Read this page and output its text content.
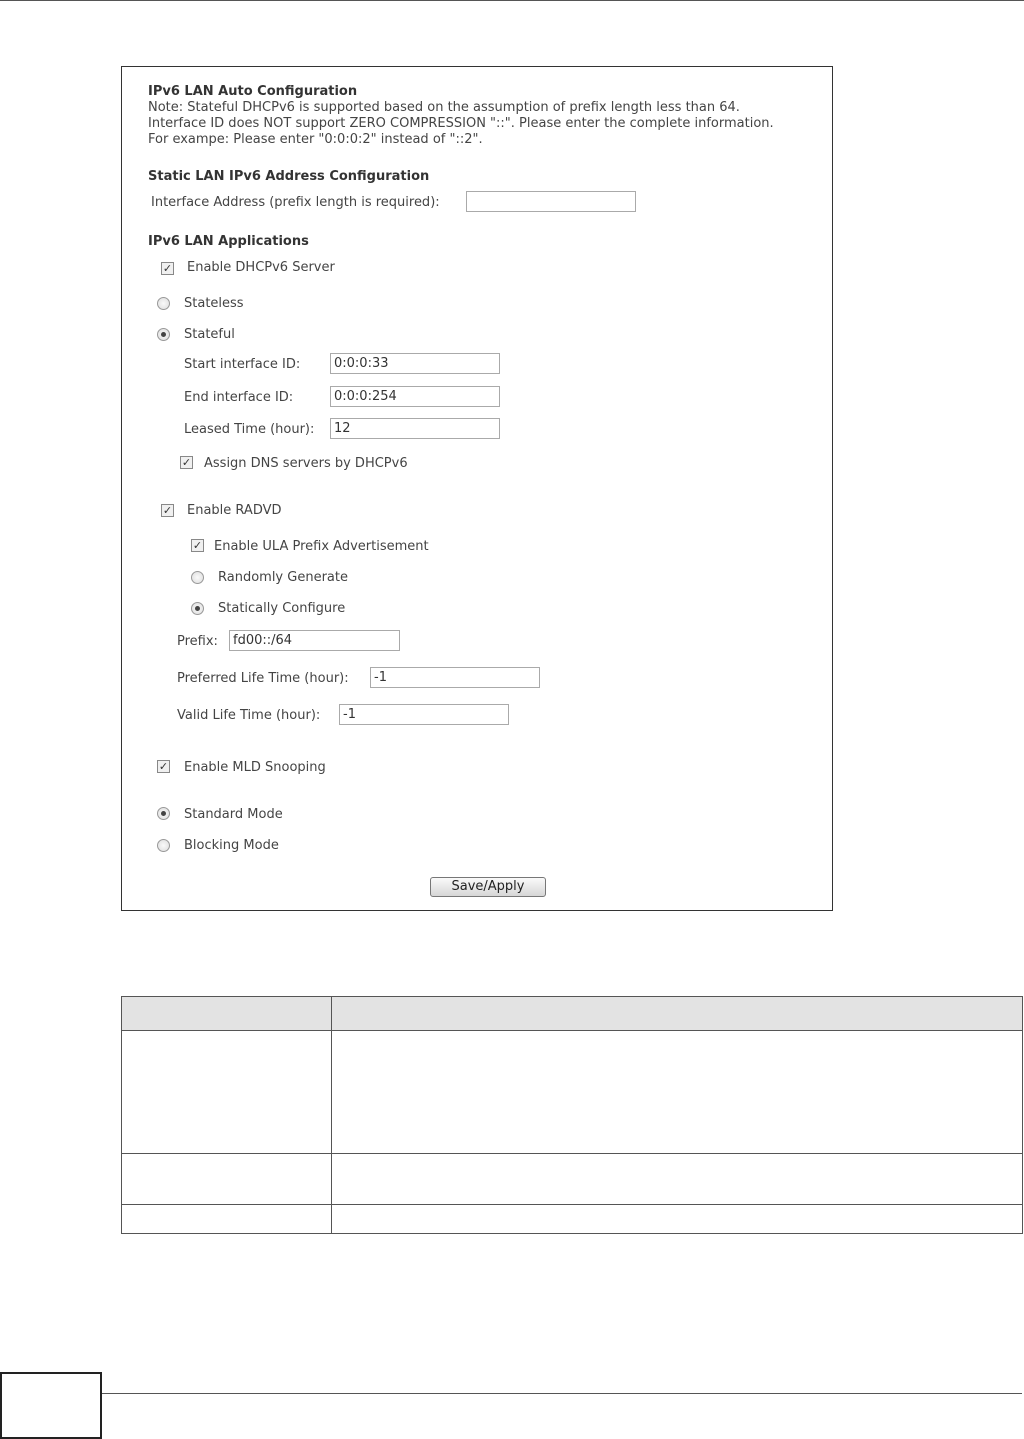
IPv6 LAN Auto Configuration
Note: Stateful DHCPv6 is supported based on the assumption of prefix length less than 64.
Interface ID does NOT support ZERO COMPRESSION "::". Please enter the complete information.
For exampe: Please enter "0:0:0:2" instead of "::2".
Static LAN IPv6 Address Configuration
Interface Address (prefix length is required):
IPv6 LAN Applications
✓ Enable DHCPv6 Server
Stateless
Stateful
Start interface ID:
0:0:0:33
End interface ID:
0:0:0:254
Leased Time (hour):
12
✓ Assign DNS servers by DHCPv6
✓ Enable RADVD
✓ Enable ULA Prefix Advertisement
Randomly Generate
Statically Configure
Prefix:
fd00::/64
Preferred Life Time (hour):
-1
Valid Life Time (hour):
-1
✓ Enable MLD Snooping
Standard Mode
Blocking Mode
Save/Apply
